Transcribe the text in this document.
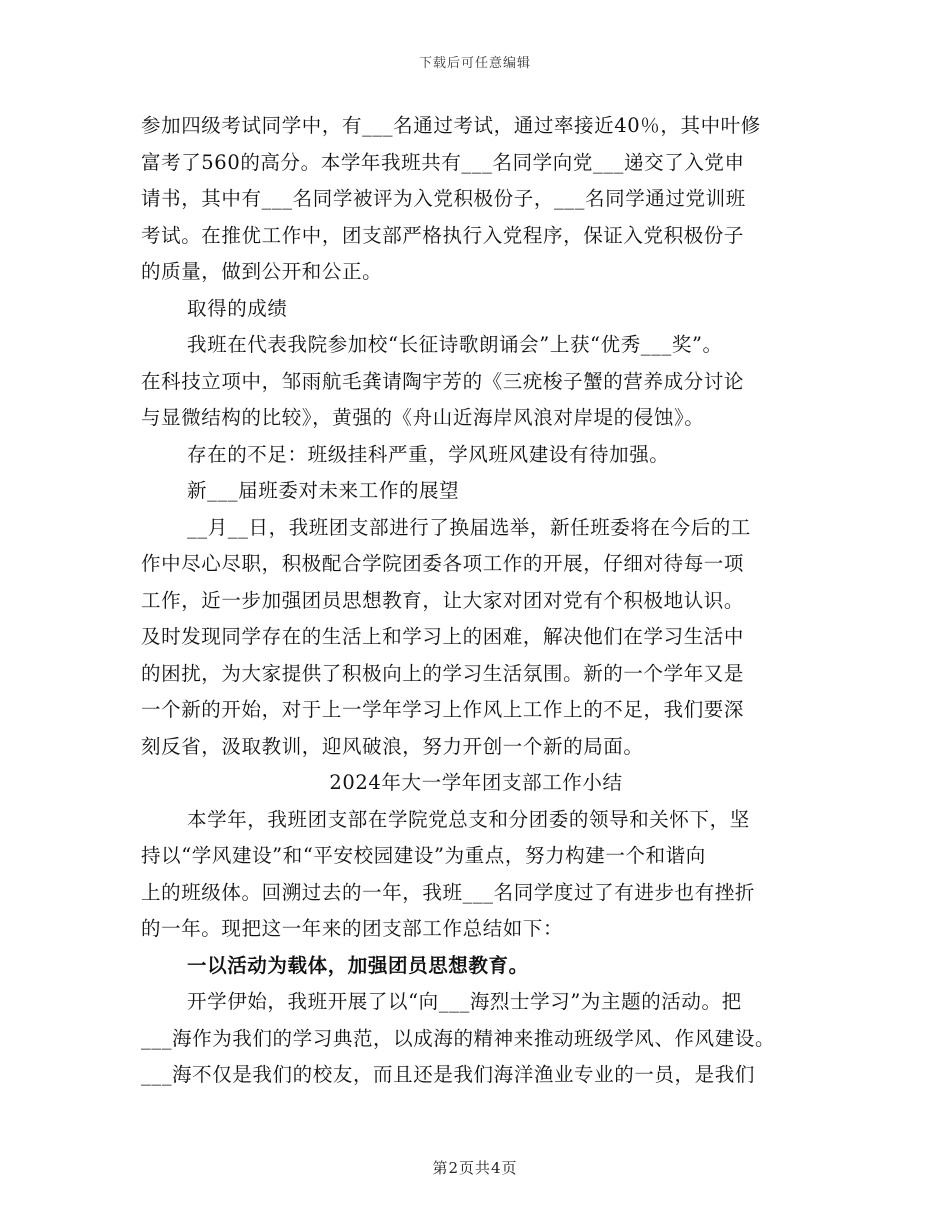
下载后可任意编辑
参加四级考试同学中，有___名通过考试，通过率接近40％，其中叶修
富考了560的高分。本学年我班共有___名同学向党___递交了入党申
请书，其中有___名同学被评为入党积极份子，___名同学通过党训班
考试。在推优工作中，团支部严格执行入党程序，保证入党积极份子
的质量，做到公开和公正。
取得的成绩
我班在代表我院参加校“长征诗歌朗诵会”上获“优秀___奖”。
在科技立项中，邹雨航毛龚请陶宇芳的《三疣梭子蟹的营养成分讨论
与显微结构的比较》，黄强的《舟山近海岸风浪对岸堤的侵蚀》。
存在的不足：班级挂科严重，学风班风建设有待加强。
新___届班委对未来工作的展望
__月__日，我班团支部进行了换届选举，新任班委将在今后的工
作中尽心尽职，积极配合学院团委各项工作的开展，仔细对待每一项
工作，近一步加强团员思想教育，让大家对团对党有个积极地认识。
及时发现同学存在的生活上和学习上的困难，解决他们在学习生活中
的困扰，为大家提供了积极向上的学习生活氛围。新的一个学年又是
一个新的开始，对于上一学年学习上作风上工作上的不足，我们要深
刻反省，汲取教训，迎风破浪，努力开创一个新的局面。
2024年大一学年团支部工作小结
本学年，我班团支部在学院党总支和分团委的领导和关怀下，坚
持以“学风建设”和“平安校园建设”为重点，努力构建一个和谐向
上的班级体。回溯过去的一年，我班___名同学度过了有进步也有挫折
的一年。现把这一年来的团支部工作总结如下：
一以活动为载体，加强团员思想教育。
开学伊始，我班开展了以“向___海烈士学习”为主题的活动。把
___海作为我们的学习典范，以成海的精神来推动班级学风、作风建设。
___海不仅是我们的校友，而且还是我们海洋渔业专业的一员，是我们
第2页共4页
